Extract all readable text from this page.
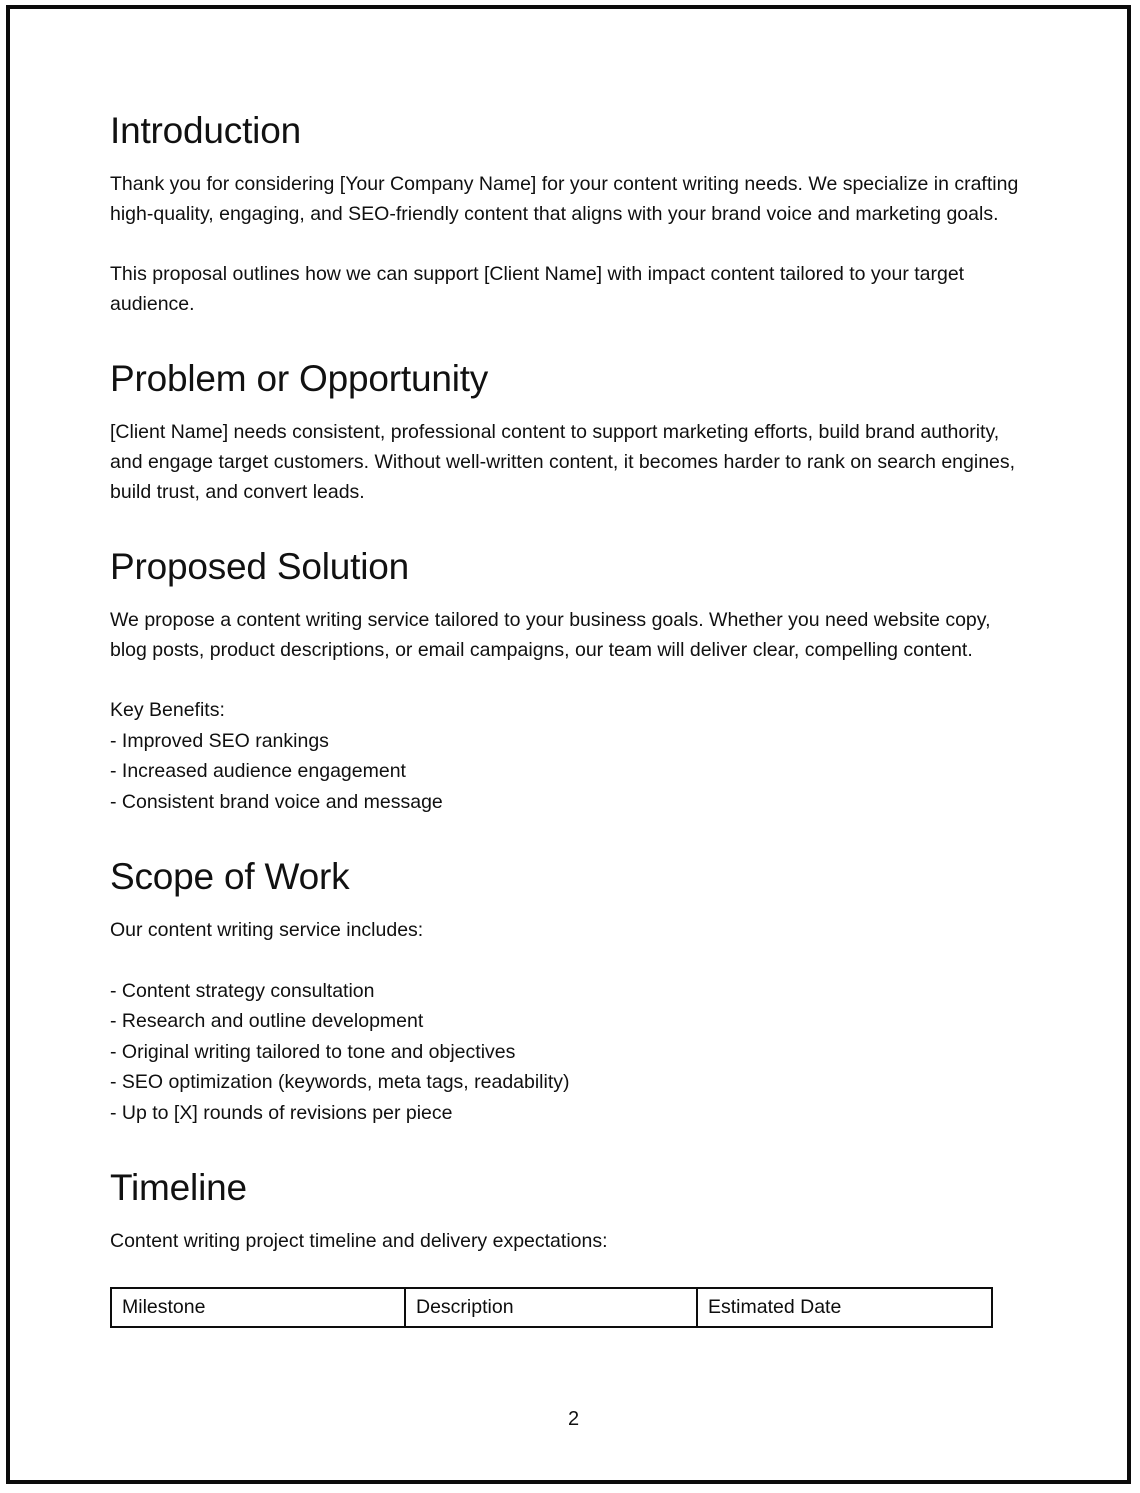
Introduction

Thank you for considering [Your Company Name] for your content writing needs. We specialize in crafting high-quality, engaging, and SEO-friendly content that aligns with your brand voice and marketing goals.

This proposal outlines how we can support [Client Name] with impact content tailored to your target audience.

Problem or Opportunity

[Client Name] needs consistent, professional content to support marketing efforts, build brand authority, and engage target customers. Without well-written content, it becomes harder to rank on search engines, build trust, and convert leads.

Proposed Solution

We propose a content writing service tailored to your business goals. Whether you need website copy, blog posts, product descriptions, or email campaigns, our team will deliver clear, compelling content.

Key Benefits:
- Improved SEO rankings
- Increased audience engagement
- Consistent brand voice and message
Scope of Work
Our content writing service includes:
- Content strategy consultation
- Research and outline development
- Original writing tailored to tone and objectives
- SEO optimization (keywords, meta tags, readability)
- Up to [X] rounds of revisions per piece
Timeline
Content writing project timeline and delivery expectations:
Milestone	Description	Estimated Date
2
